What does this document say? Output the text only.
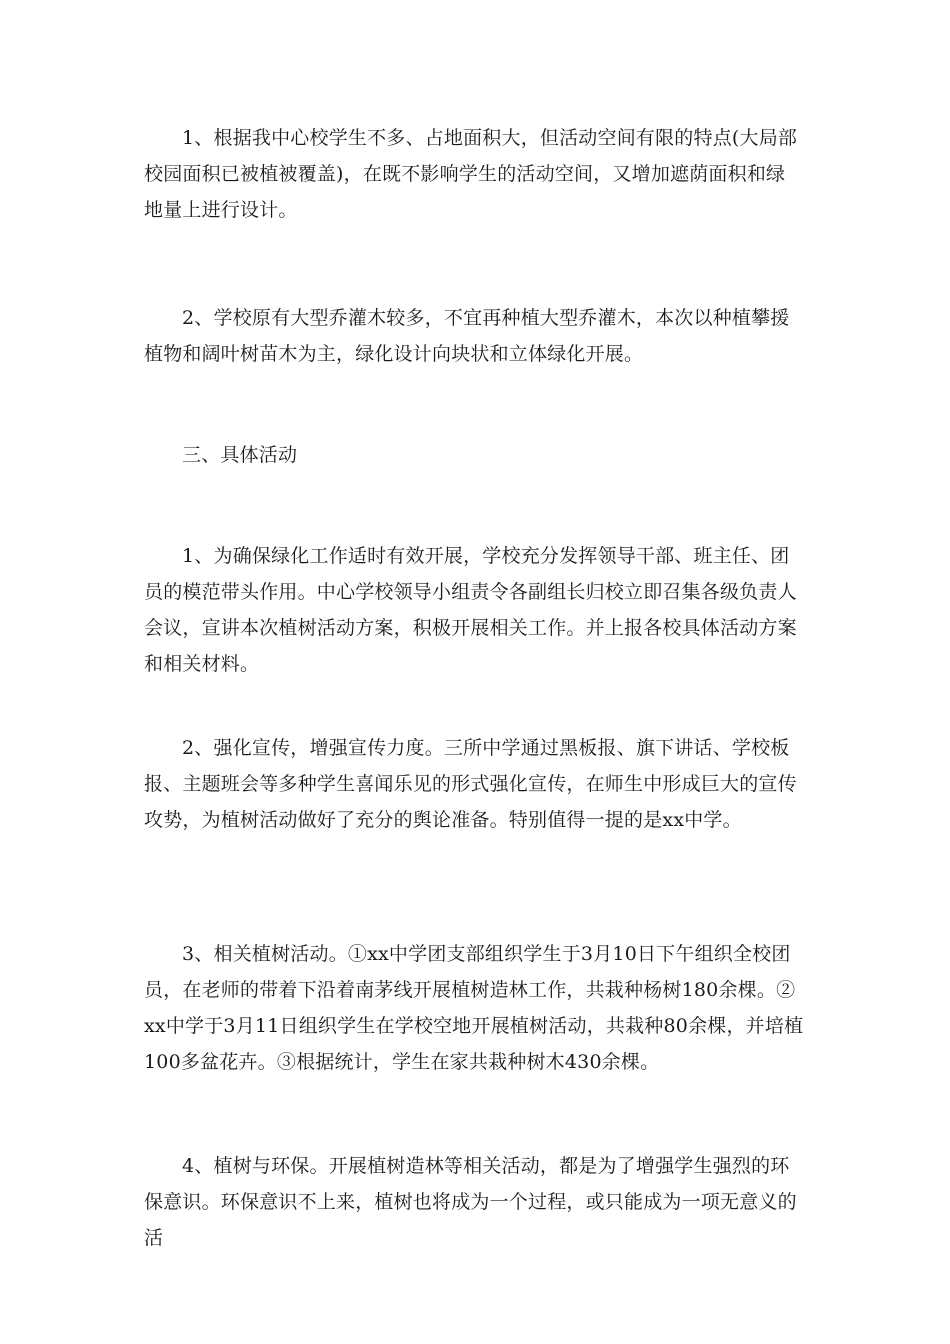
1、根据我中心校学生不多、占地面积大，但活动空间有限的特点(大局部校园面积已被植被覆盖)，在既不影响学生的活动空间，又增加遮荫面积和绿地量上进行设计。

2、学校原有大型乔灌木较多，不宜再种植大型乔灌木，本次以种植攀援植物和阔叶树苗木为主，绿化设计向块状和立体绿化开展。

三、具体活动

1、为确保绿化工作适时有效开展，学校充分发挥领导干部、班主任、团员的模范带头作用。中心学校领导小组责令各副组长归校立即召集各级负责人会议，宣讲本次植树活动方案，积极开展相关工作。并上报各校具体活动方案和相关材料。

2、强化宣传，增强宣传力度。三所中学通过黑板报、旗下讲话、学校板报、主题班会等多种学生喜闻乐见的形式强化宣传，在师生中形成巨大的宣传攻势，为植树活动做好了充分的舆论准备。特别值得一提的是xx中学。

3、相关植树活动。①xx中学团支部组织学生于3月10日下午组织全校团员，在老师的带着下沿着南茅线开展植树造林工作，共栽种杨树180余棵。②xx中学于3月11日组织学生在学校空地开展植树活动，共栽种80余棵，并培植100多盆花卉。③根据统计，学生在家共栽种树木430余棵。

4、植树与环保。开展植树造林等相关活动，都是为了增强学生强烈的环保意识。环保意识不上来，植树也将成为一个过程，或只能成为一项无意义的活
